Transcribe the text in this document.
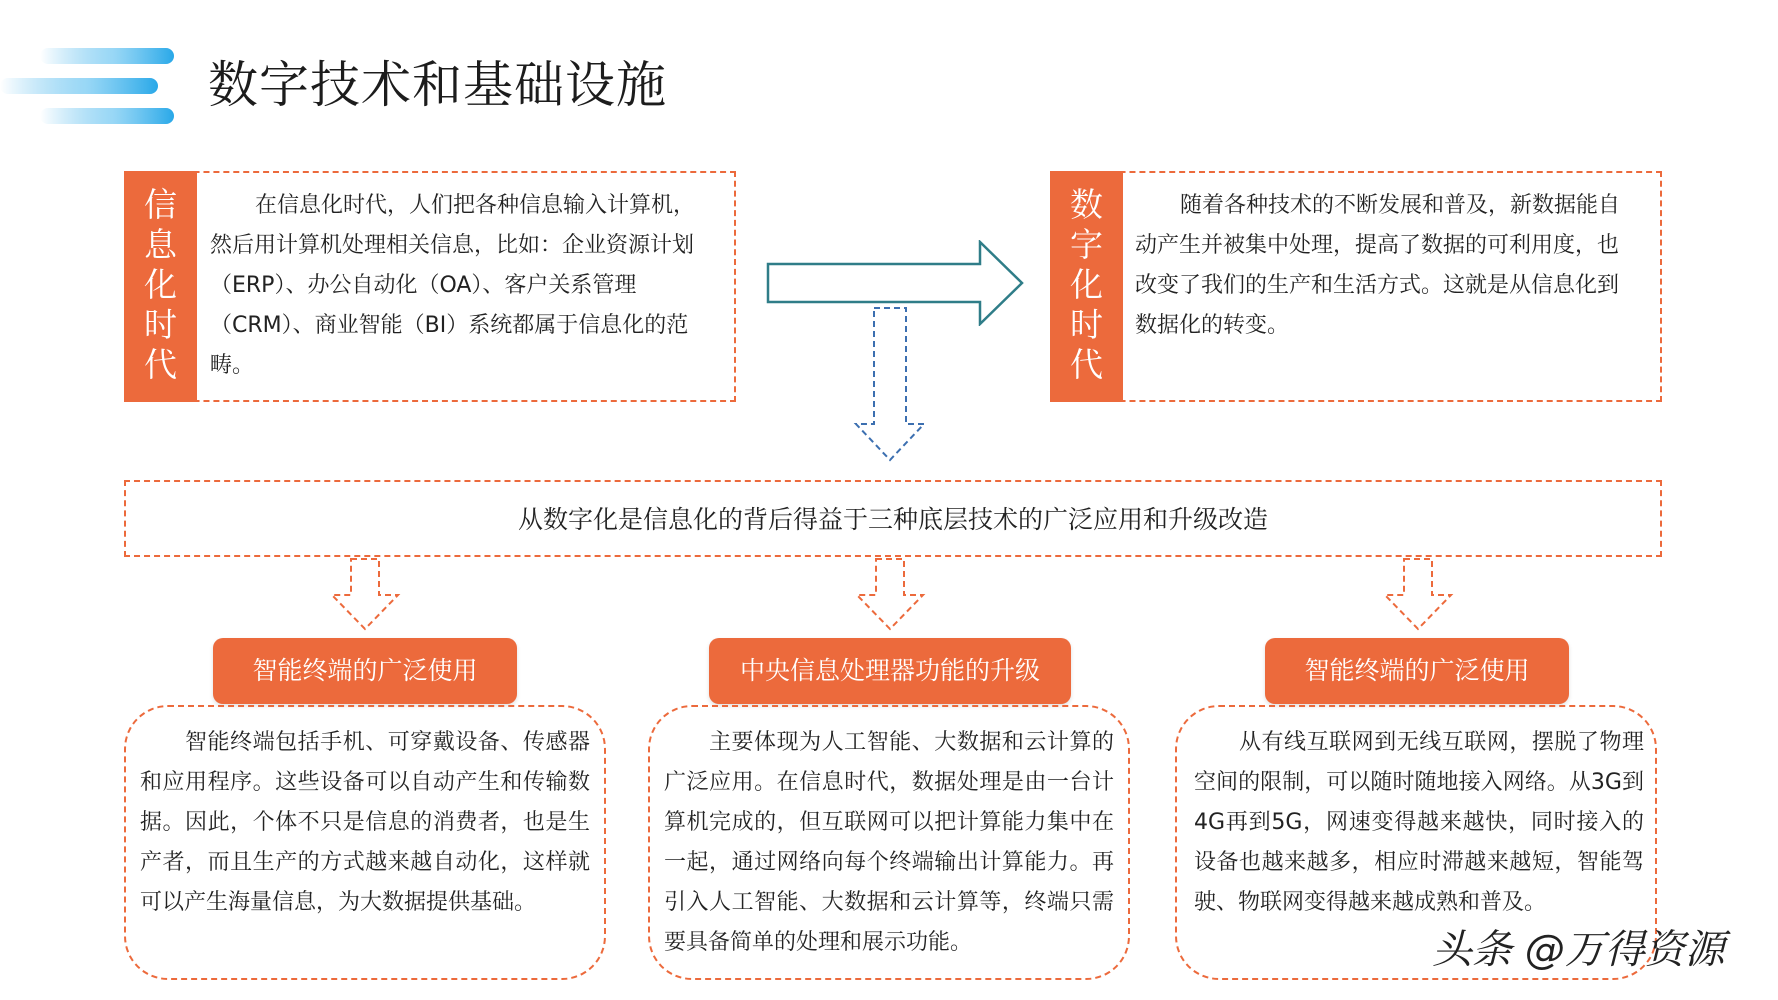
数字技术和基础设施
信
息
化
时
代

在信息化时代，人们把各种信息输入计算机，然后用计算机处理相关信息，比如：企业资源计划（ERP）、办公自动化（OA）、客户关系管理（CRM）、商业智能（BI）系统都属于信息化的范畴。

数
字
化
时
代

随着各种技术的不断发展和普及，新数据能自动产生并被集中处理，提高了数据的可利用度，也改变了我们的生产和生活方式。这就是从信息化到数据化的转变。

从数字化是信息化的背后得益于三种底层技术的广泛应用和升级改造
智能终端的广泛使用

智能终端包括手机、可穿戴设备、传感器和应用程序。这些设备可以自动产生和传输数据。因此，个体不只是信息的消费者，也是生产者，而且生产的方式越来越自动化，这样就可以产生海量信息，为大数据提供基础。

中央信息处理器功能的升级

主要体现为人工智能、大数据和云计算的广泛应用。在信息时代，数据处理是由一台计算机完成的，但互联网可以把计算能力集中在一起，通过网络向每个终端输出计算能力。再引入人工智能、大数据和云计算等，终端只需要具备简单的处理和展示功能。

智能终端的广泛使用

从有线互联网到无线互联网，摆脱了物理空间的限制，可以随时随地接入网络。从3G到4G再到5G，网速变得越来越快，同时接入的设备也越来越多，相应时滞越来越短，智能驾驶、物联网变得越来越成熟和普及。

头条 @万得资源
